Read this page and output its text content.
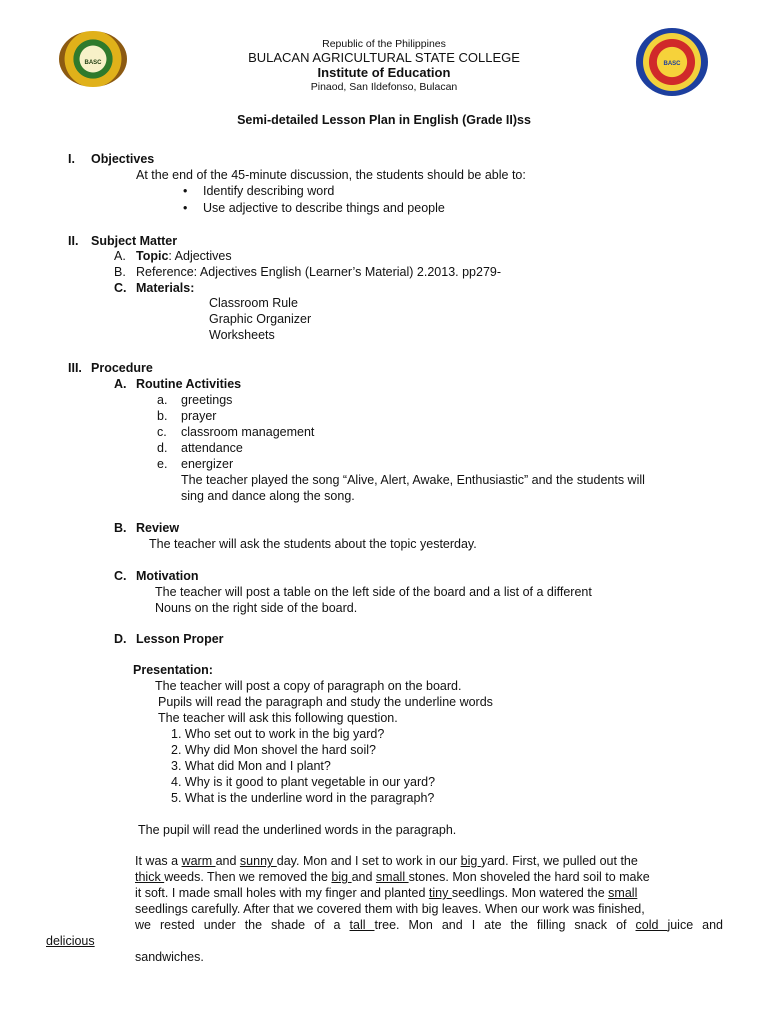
BASC	BASC
Republic of the Philippines
BULACAN AGRICULTURAL STATE COLLEGE
Institute of Education
Pinaod, San Ildefonso, Bulacan
Semi-detailed Lesson Plan in English (Grade II)ss
I. Objectives
At the end of the 45-minute discussion, the students should be able to:
• Identify describing word
• Use adjective to describe things and people
II. Subject Matter
A. Topic: Adjectives
B. Reference: Adjectives English (Learner’s Material) 2.2013. pp279-
C. Materials:
Classroom Rule
Graphic Organizer
Worksheets
III. Procedure
A. Routine Activities
a. greetings
b. prayer
c. classroom management
d. attendance
e. energizer
The teacher played the song “Alive, Alert, Awake, Enthusiastic” and the students will
sing and dance along the song.
B. Review
The teacher will ask the students about the topic yesterday.
C. Motivation
The teacher will post a table on the left side of the board and a list of a different
Nouns on the right side of the board.
D. Lesson Proper
Presentation:
The teacher will post a copy of paragraph on the board.
Pupils will read the paragraph and study the underline words
The teacher will ask this following question.
1. Who set out to work in the big yard?
2. Why did Mon shovel the hard soil?
3. What did Mon and I plant?
4. Why is it good to plant vegetable in our yard?
5. What is the underline word in the paragraph?
The pupil will read the underlined words in the paragraph.
It was a warm and sunny day. Mon and I set to work in our big yard. First, we pulled out the
thick weeds. Then we removed the big and small stones. Mon shoveled the hard soil to make
it soft. I made small holes with my finger and planted tiny seedlings. Mon watered the small
seedlings carefully. After that we covered them with big leaves. When our work was finished,
we rested under the shade of a tall tree. Mon and I ate the filling snack of cold juice and
delicious
sandwiches.
